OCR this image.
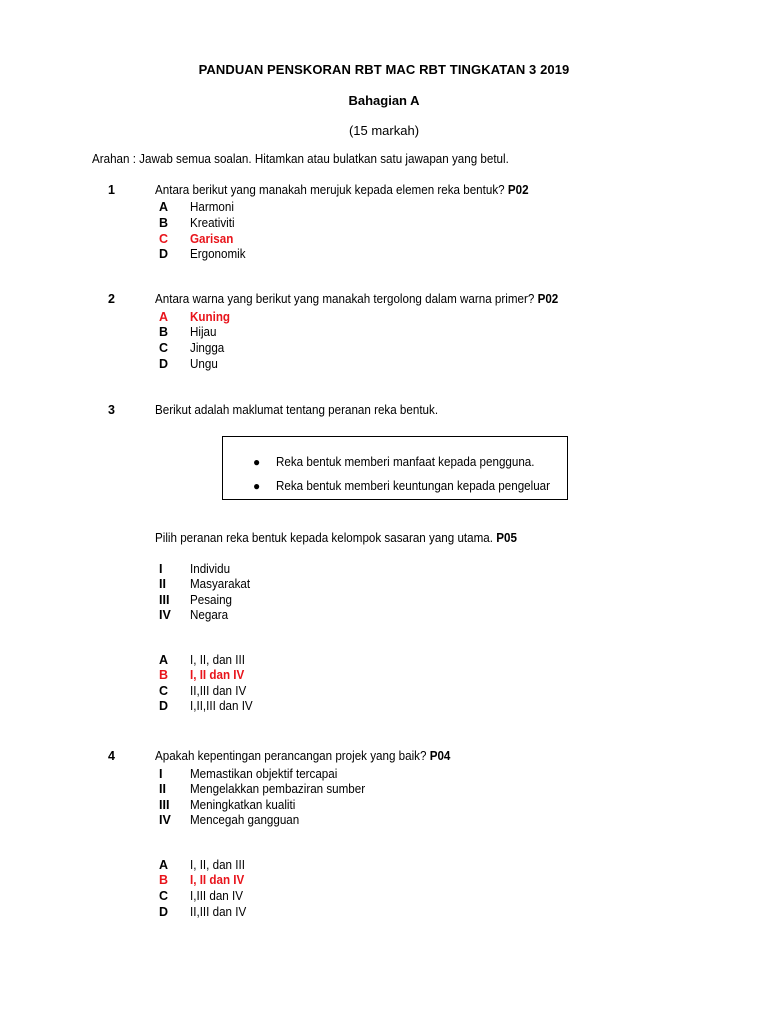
PANDUAN PENSKORAN RBT MAC RBT TINGKATAN 3 2019
Bahagian A
(15 markah)
Arahan : Jawab semua soalan. Hitamkan atau bulatkan satu jawapan yang betul.
1	Antara berikut yang manakah merujuk kepada elemen reka bentuk? P02
A	Harmoni
B	Kreativiti
C	Garisan
D	Ergonomik
2	Antara warna yang berikut yang manakah tergolong dalam warna primer? P02
A	Kuning
B	Hijau
C	Jingga
D	Ungu
3	Berikut adalah maklumat tentang peranan reka bentuk.
● Reka bentuk memberi manfaat kepada pengguna.
● Reka bentuk memberi keuntungan kepada pengeluar
Pilih peranan reka bentuk kepada kelompok sasaran yang utama. P05
I	Individu
II	Masyarakat
III	Pesaing
IV	Negara
A	I, II, dan III
B	I, II dan IV
C	II,III dan IV
D	I,II,III dan IV
4	Apakah kepentingan perancangan projek yang baik? P04
I	Memastikan objektif tercapai
II	Mengelakkan pembaziran sumber
III	Meningkatkan kualiti
IV	Mencegah gangguan
A	I, II, dan III
B	I, II dan IV
C	I,III dan IV
D	II,III dan IV
